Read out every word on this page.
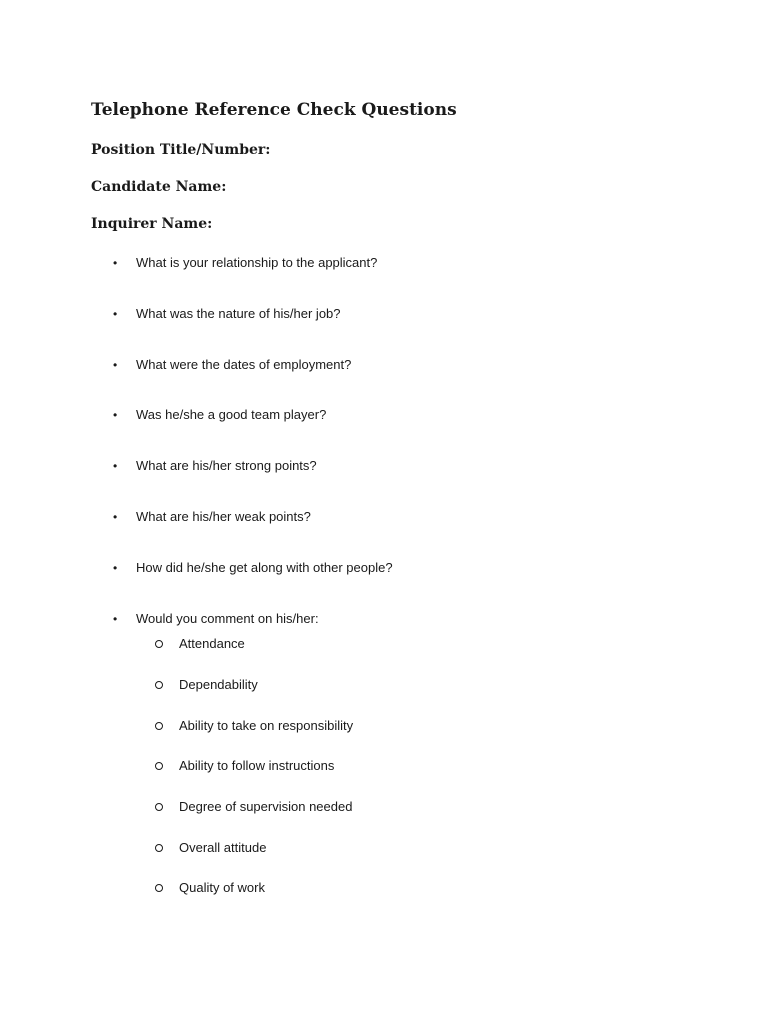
Telephone Reference Check Questions
Position Title/Number:
Candidate Name:
Inquirer Name:
•	What is your relationship to the applicant?
•	What was the nature of his/her job?
•	What were the dates of employment?
•	Was he/she a good team player?
•	What are his/her strong points?
•	What are his/her weak points?
•	How did he/she get along with other people?
•	Would you comment on his/her:
Attendance
Dependability
Ability to take on responsibility
Ability to follow instructions
Degree of supervision needed
Overall attitude
Quality of work
